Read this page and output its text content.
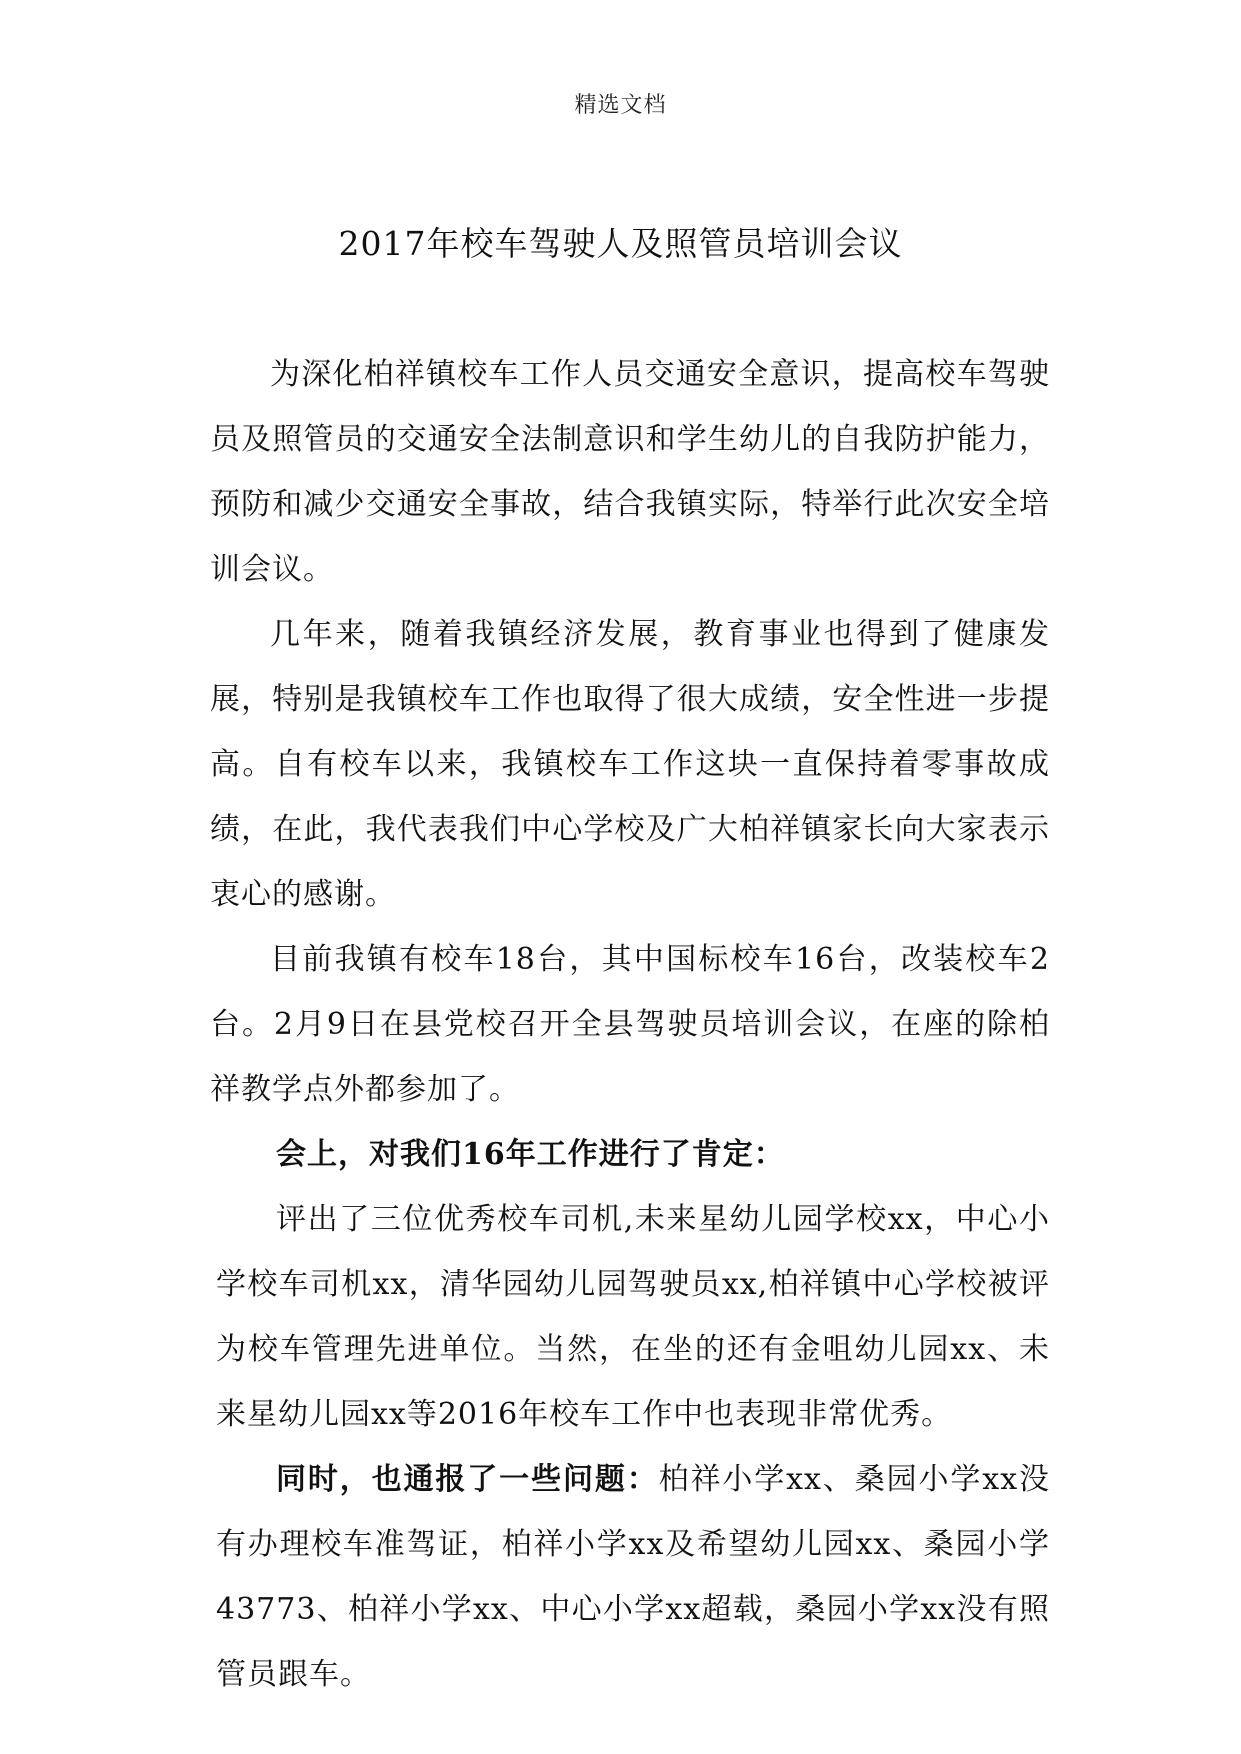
精选文档
2017年校车驾驶人及照管员培训会议

为深化柏祥镇校车工作人员交通安全意识，提高校车驾驶员及照管员的交通安全法制意识和学生幼儿的自我防护能力，预防和减少交通安全事故，结合我镇实际，特举行此次安全培训会议。

几年来，随着我镇经济发展，教育事业也得到了健康发展，特别是我镇校车工作也取得了很大成绩，安全性进一步提高。自有校车以来，我镇校车工作这块一直保持着零事故成绩，在此，我代表我们中心学校及广大柏祥镇家长向大家表示衷心的感谢。

目前我镇有校车18台，其中国标校车16台，改装校车2台。2月9日在县党校召开全县驾驶员培训会议，在座的除柏祥教学点外都参加了。

会上，对我们16年工作进行了肯定：

评出了三位优秀校车司机,未来星幼儿园学校xx，中心小学校车司机xx，清华园幼儿园驾驶员xx,柏祥镇中心学校被评为校车管理先进单位。当然，在坐的还有金咀幼儿园xx、未来星幼儿园xx等2016年校车工作中也表现非常优秀。

同时，也通报了一些问题：柏祥小学xx、桑园小学xx没有办理校车准驾证，柏祥小学xx及希望幼儿园xx、桑园小学43773、柏祥小学xx、中心小学xx超载，桑园小学xx没有照管员跟车。
